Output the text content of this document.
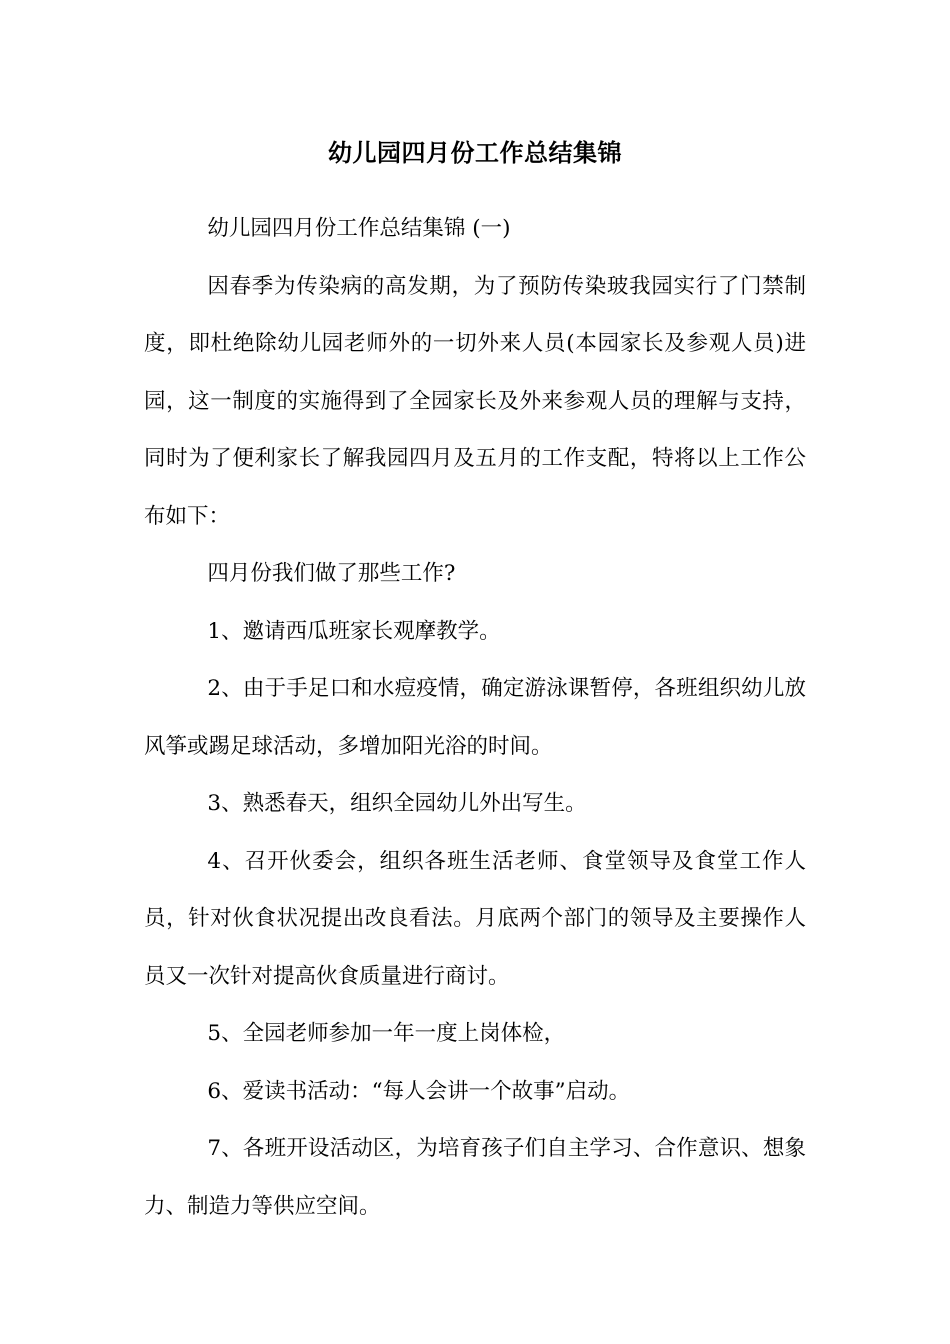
幼儿园四月份工作总结集锦

幼儿园四月份工作总结集锦 (一)

因春季为传染病的高发期，为了预防传染玻我园实行了门禁制度，即杜绝除幼儿园老师外的一切外来人员(本园家长及参观人员)进园，这一制度的实施得到了全园家长及外来参观人员的理解与支持，同时为了便利家长了解我园四月及五月的工作支配，特将以上工作公布如下：

四月份我们做了那些工作?

1、邀请西瓜班家长观摩教学。

2、由于手足口和水痘疫情，确定游泳课暂停，各班组织幼儿放风筝或踢足球活动，多增加阳光浴的时间。

3、熟悉春天，组织全园幼儿外出写生。

4、召开伙委会，组织各班生活老师、食堂领导及食堂工作人员，针对伙食状况提出改良看法。月底两个部门的领导及主要操作人员又一次针对提高伙食质量进行商讨。

5、全园老师参加一年一度上岗体检，

6、爱读书活动：“每人会讲一个故事”启动。

7、各班开设活动区，为培育孩子们自主学习、合作意识、想象力、制造力等供应空间。
